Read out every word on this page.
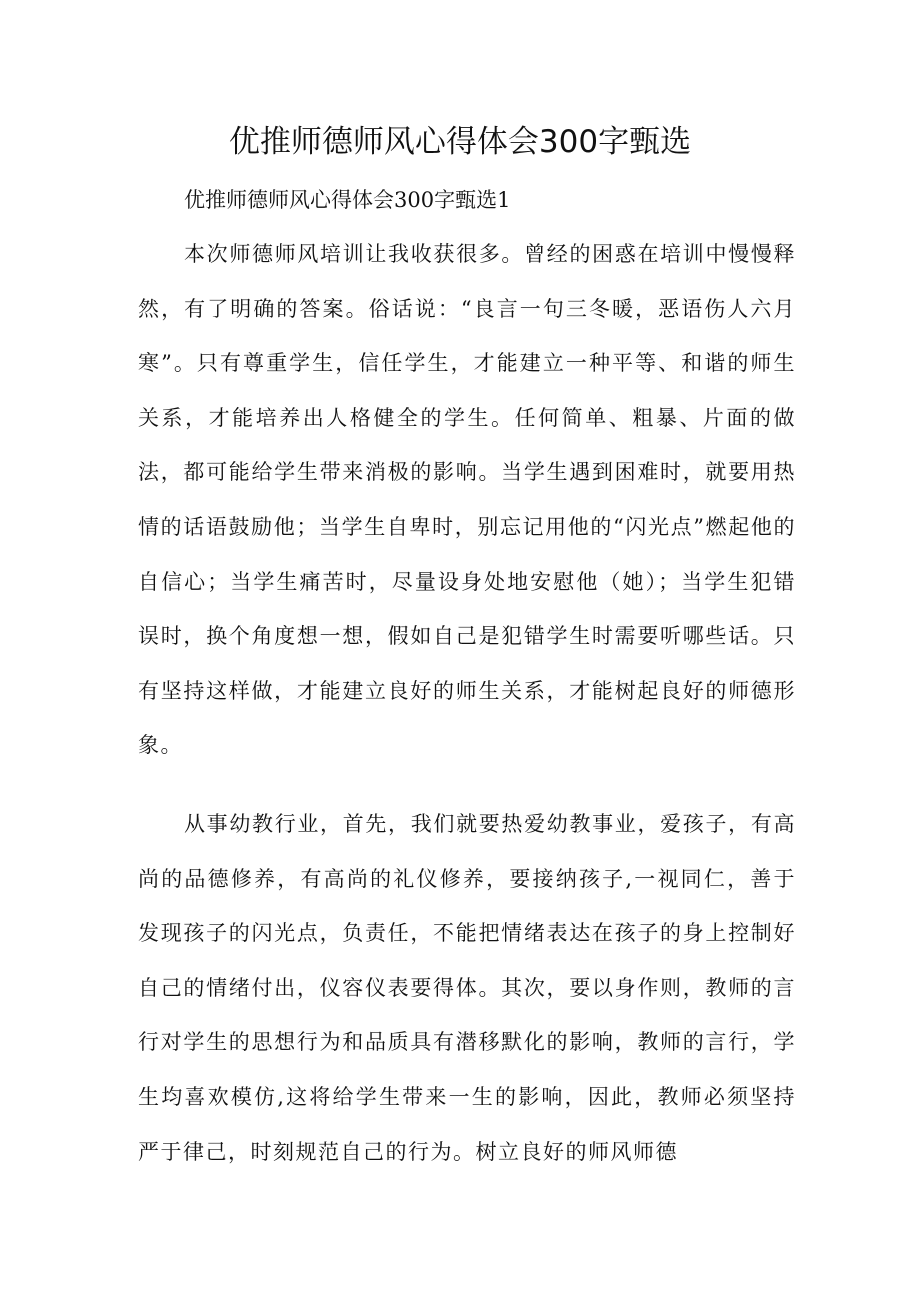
优推师德师风心得体会300字甄选

优推师德师风心得体会300字甄选1

本次师德师风培训让我收获很多。曾经的困惑在培训中慢慢释然，有了明确的答案。俗话说：“良言一句三冬暖，恶语伤人六月寒”。只有尊重学生，信任学生，才能建立一种平等、和谐的师生关系，才能培养出人格健全的学生。任何简单、粗暴、片面的做法，都可能给学生带来消极的影响。当学生遇到困难时，就要用热情的话语鼓励他；当学生自卑时，别忘记用他的“闪光点”燃起他的自信心；当学生痛苦时，尽量设身处地安慰他（她）；当学生犯错误时，换个角度想一想，假如自己是犯错学生时需要听哪些话。只有坚持这样做，才能建立良好的师生关系，才能树起良好的师德形象。

从事幼教行业，首先，我们就要热爱幼教事业，爱孩子，有高尚的品德修养，有高尚的礼仪修养，要接纳孩子,一视同仁，善于发现孩子的闪光点，负责任，不能把情绪表达在孩子的身上控制好自己的情绪付出，仪容仪表要得体。其次，要以身作则，教师的言行对学生的思想行为和品质具有潜移默化的影响，教师的言行，学生均喜欢模仿,这将给学生带来一生的影响，因此，教师必须坚持严于律己，时刻规范自己的行为。树立良好的师风师德
